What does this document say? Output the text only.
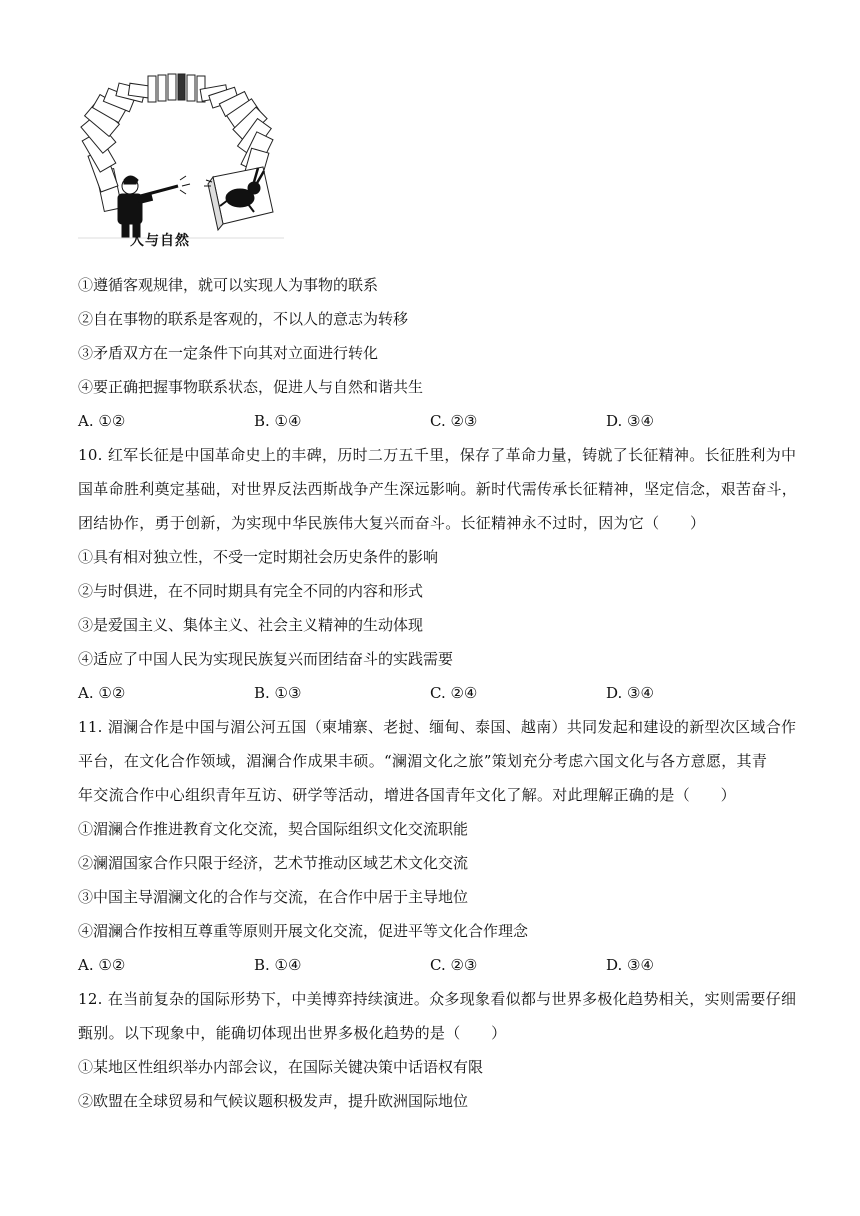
人与自然
①遵循客观规律，就可以实现人为事物的联系
②自在事物的联系是客观的，不以人的意志为转移
③矛盾双方在一定条件下向其对立面进行转化
④要正确把握事物联系状态，促进人与自然和谐共生
A. ①②	B. ①④	C. ②③	D. ③④
10. 红军长征是中国革命史上的丰碑，历时二万五千里，保存了革命力量，铸就了长征精神。长征胜利为中
国革命胜利奠定基础，对世界反法西斯战争产生深远影响。新时代需传承长征精神，坚定信念，艰苦奋斗，
团结协作，勇于创新，为实现中华民族伟大复兴而奋斗。长征精神永不过时，因为它（　　）
①具有相对独立性，不受一定时期社会历史条件的影响
②与时俱进，在不同时期具有完全不同的内容和形式
③是爱国主义、集体主义、社会主义精神的生动体现
④适应了中国人民为实现民族复兴而团结奋斗的实践需要
A. ①②	B. ①③	C. ②④	D. ③④
11. 湄澜合作是中国与湄公河五国（柬埔寨、老挝、缅甸、泰国、越南）共同发起和建设的新型次区域合作
平台，在文化合作领域，湄澜合作成果丰硕。“澜湄文化之旅”策划充分考虑六国文化与各方意愿，其青
年交流合作中心组织青年互访、研学等活动，增进各国青年文化了解。对此理解正确的是（　　）
①湄澜合作推进教育文化交流，契合国际组织文化交流职能
②澜湄国家合作只限于经济，艺术节推动区域艺术文化交流
③中国主导湄澜文化的合作与交流，在合作中居于主导地位
④湄澜合作按相互尊重等原则开展文化交流，促进平等文化合作理念
A. ①②	B. ①④	C. ②③	D. ③④
12. 在当前复杂的国际形势下，中美博弈持续演进。众多现象看似都与世界多极化趋势相关，实则需要仔细
甄别。以下现象中，能确切体现出世界多极化趋势的是（　　）
①某地区性组织举办内部会议，在国际关键决策中话语权有限
②欧盟在全球贸易和气候议题积极发声，提升欧洲国际地位
